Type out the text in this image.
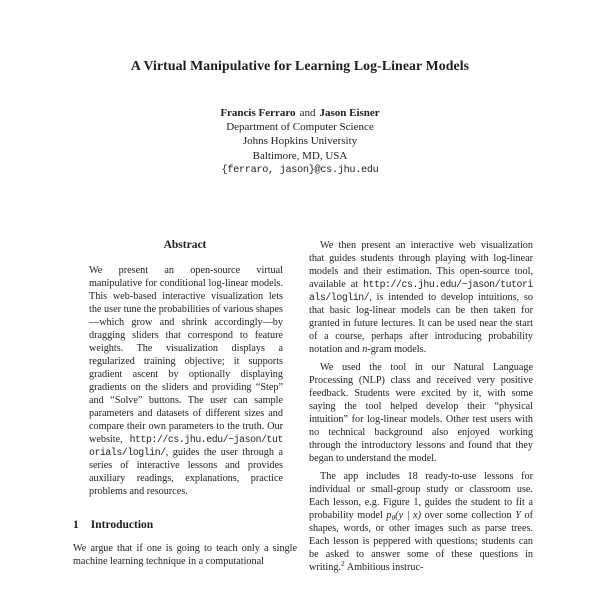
A Virtual Manipulative for Learning Log-Linear Models
Francis Ferraro and Jason Eisner
Department of Computer Science
Johns Hopkins University
Baltimore, MD, USA
{ferraro, jason}@cs.jhu.edu
Abstract

We present an open-source virtual manipulative for conditional log-linear models. This web-based interactive visualization lets the user tune the probabilities of various shapes—which grow and shrink accordingly—by dragging sliders that correspond to feature weights. The visualization displays a regularized training objective; it supports gradient ascent by optionally displaying gradients on the sliders and providing “Step” and “Solve” buttons. The user can sample parameters and datasets of different sizes and compare their own parameters to the truth. Our website, http://cs.jhu.edu/~jason/tutorials/loglin/, guides the user through a series of interactive lessons and provides auxiliary readings, explanations, practice problems and resources.

1 Introduction

We argue that if one is going to teach only a single machine learning technique in a computational

We then present an interactive web visualization that guides students through playing with log-linear models and their estimation. This open-source tool, available at http://cs.jhu.edu/~jason/tutorials/loglin/, is intended to develop intuitions, so that basic log-linear models can be then taken for granted in future lectures. It can be used near the start of a course, perhaps after introducing probability notation and n-gram models.

We used the tool in our Natural Language Processing (NLP) class and received very positive feedback. Students were excited by it, with some saying the tool helped develop their “physical intuition” for log-linear models. Other test users with no technical background also enjoyed working through the introductory lessons and found that they began to understand the model.

The app includes 18 ready-to-use lessons for individual or small-group study or classroom use. Each lesson, e.g. Figure 1, guides the student to fit a probability model $p_\theta(y$ | x) over some collection Y of shapes, words, or other images such as parse trees. Each lesson is peppered with questions; students can be asked to answer some of these questions in writing.$^2$ Ambitious instruc-
